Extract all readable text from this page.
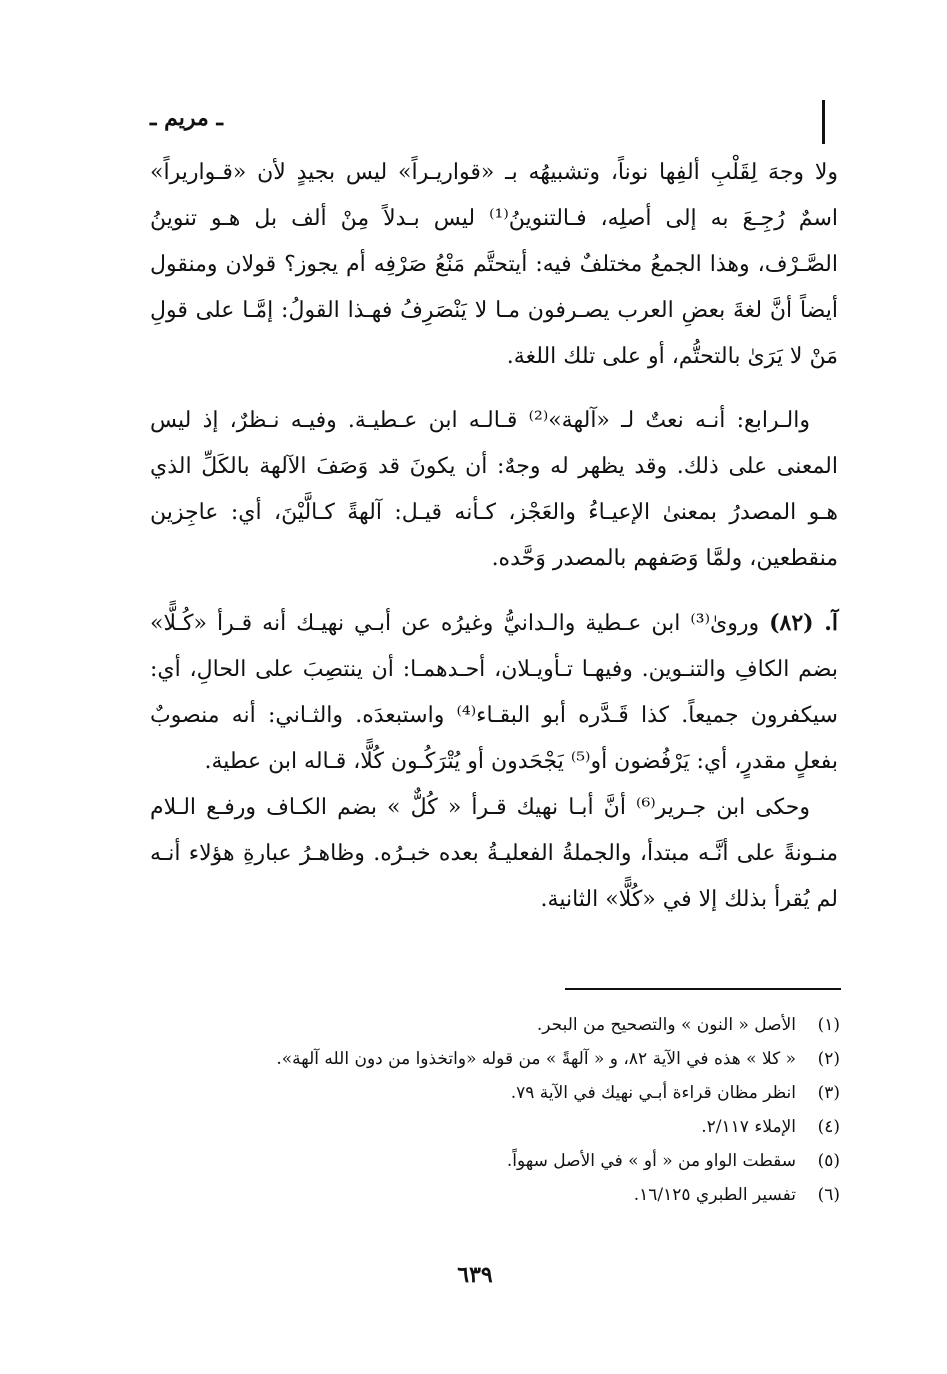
ـ مريم ـ

ولا وجهَ لِقَلْبِ ألفِها نوناً، وتشبيهُه بـ «قواريـراً» ليس بجيدٍ لأن «قـواريراً» اسمٌ رُجِـعَ به إلى أصلِه، فـالتنوينُ⁽¹⁾ ليس بـدلاً مِنْ ألف بل هـو تنوينُ الصَّـرْف، وهذا الجمعُ مختلفٌ فيه: أيتحتَّم مَنْعُ صَرْفِه أم يجوز؟ قولان ومنقول أيضاً أنَّ لغةَ بعضِ العرب يصـرفون مـا لا يَنْصَرِفُ فهـذا القولُ: إمَّـا على قولِ مَنْ لا يَرَىٰ بالتحتُّم، أو على تلك اللغة.

والـرابع: أنـه نعتٌ لـ «آلهة»⁽²⁾ قـالـه ابن عـطيـة. وفيـه نـظرٌ، إذ ليس المعنى على ذلك. وقد يظهر له وجهٌ: أن يكونَ قد وَصَفَ الآلهة بالكَلِّ الذي هـو المصدرُ بمعنىٰ الإعيـاءُ والعَجْز، كـأنه قيـل: آلهةً كـالَّيْنَ، أي: عاجِزين منقطعين، ولمَّا وَصَفهم بالمصدر وَحَّده.

آ. (٨٢) ورویٰ⁽³⁾ ابن عـطية والـدانيُّ وغيرُه عن أبـي نهيـك أنه قـرأ «كُـلًّا» بضم الكافِ والتنـوين. وفيهـا تـأويـلان، أحـدهمـا: أن ينتصِبَ على الحالِ، أي: سيكفرون جميعاً. كذا قَـدَّره أبو البقـاء⁽⁴⁾ واستبعدَه. والثـاني: أنه منصوبٌ بفعلٍ مقدرٍ، أي: يَرْفُضون أو⁽⁵⁾ يَجْحَدون أو يُتْرَكُـون كُلًّا، قـاله ابن عطية.

وحكى ابن جـرير⁽⁶⁾ أنَّ أبـا نهيك قـرأ « كُلٌّ » بضم الكـاف ورفـع الـلام منـونةً على أنَّـه مبتدأ، والجملةُ الفعليـةُ بعده خبـرُه. وظاهـرُ عبارةِ هؤلاء أنـه لم يُقرأ بذلك إلا في «كُلًّا» الثانية.

(١)
الأصل « النون » والتصحيح من البحر.
(٢)
« كلا » هذه في الآية ٨٢، و « آلهةً » من قوله «واتخذوا من دون الله آلهة».
(٣)
انظر مظان قراءة أبـي نهيك في الآية ٧٩.
(٤)
الإملاء ٢/١١٧.
(٥)
سقطت الواو من « أو » في الأصل سهواً.
(٦)
تفسير الطبري ١٦/١٢٥.
٦٣٩
